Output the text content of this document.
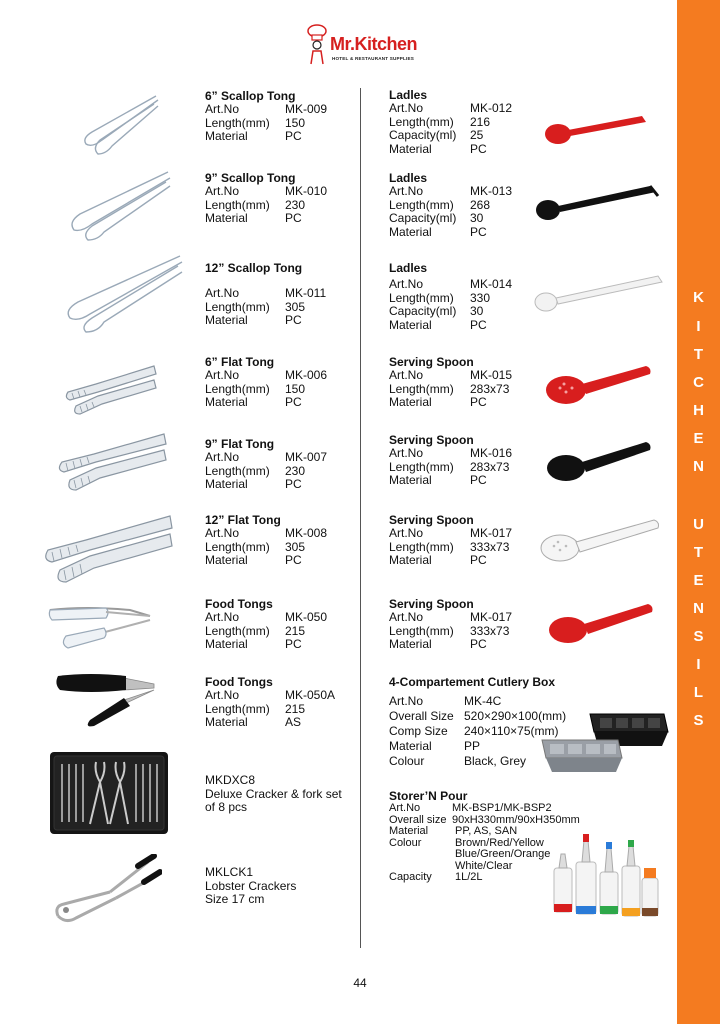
K
I
T
C
H
E
N
U
T
E
N
S
I
L
S
Mr.Kitchen
HOTEL & RESTAURANT SUPPLIES
6” Scallop Tong
Art.No	MK-009
Length(mm) 150
Material	PC
9” Scallop Tong
Art.No	MK-010
Length(mm) 230
Material	PC
12” Scallop Tong
Art.No	MK-011
Length(mm) 305
Material	PC
6” Flat Tong
Art.No	MK-006
Length(mm) 150
Material	PC
9” Flat Tong
Art.No	MK-007
Length(mm) 230
Material	PC
12” Flat Tong
Art.No	MK-008
Length(mm) 305
Material	PC
Food Tongs
Art.No	MK-050
Length(mm) 215
Material	PC
Food Tongs
Art.No	MK-050A
Length(mm) 215
Material	AS
MKDXC8
Deluxe Cracker & fork set
of 8 pcs
MKLCK1
Lobster Crackers
Size 17 cm
Ladles
Art.No	MK-012
Length(mm) 216
Capacity(ml) 25
Material	PC
Ladles
Art.No	MK-013
Length(mm) 268
Capacity(ml) 30
Material	PC
Ladles
Art.No	MK-014
Length(mm) 330
Capacity(ml) 30
Material	PC
Serving Spoon
Art.No	MK-015
Length(mm) 283x73
Material	PC
Serving Spoon
Art.No	MK-016
Length(mm) 283x73
Material	PC
Serving Spoon
Art.No	MK-017
Length(mm) 333x73
Material	PC
Serving Spoon
Art.No	MK-017
Length(mm) 333x73
Material	PC
4-Compartement Cutlery Box
Art.No	MK-4C
Overall Size 520×290×100(mm)
Comp Size 240×110×75(mm)
Material	PP
Colour	Black, Grey
Storer’N Pour
Art.No	MK-BSP1/MK-BSP2
Overall size 90xH330mm/90xH350mm
Material PP, AS, SAN
Colour	Brown/Red/Yellow
Blue/Green/Orange
White/Clear
Capacity 1L/2L
44
